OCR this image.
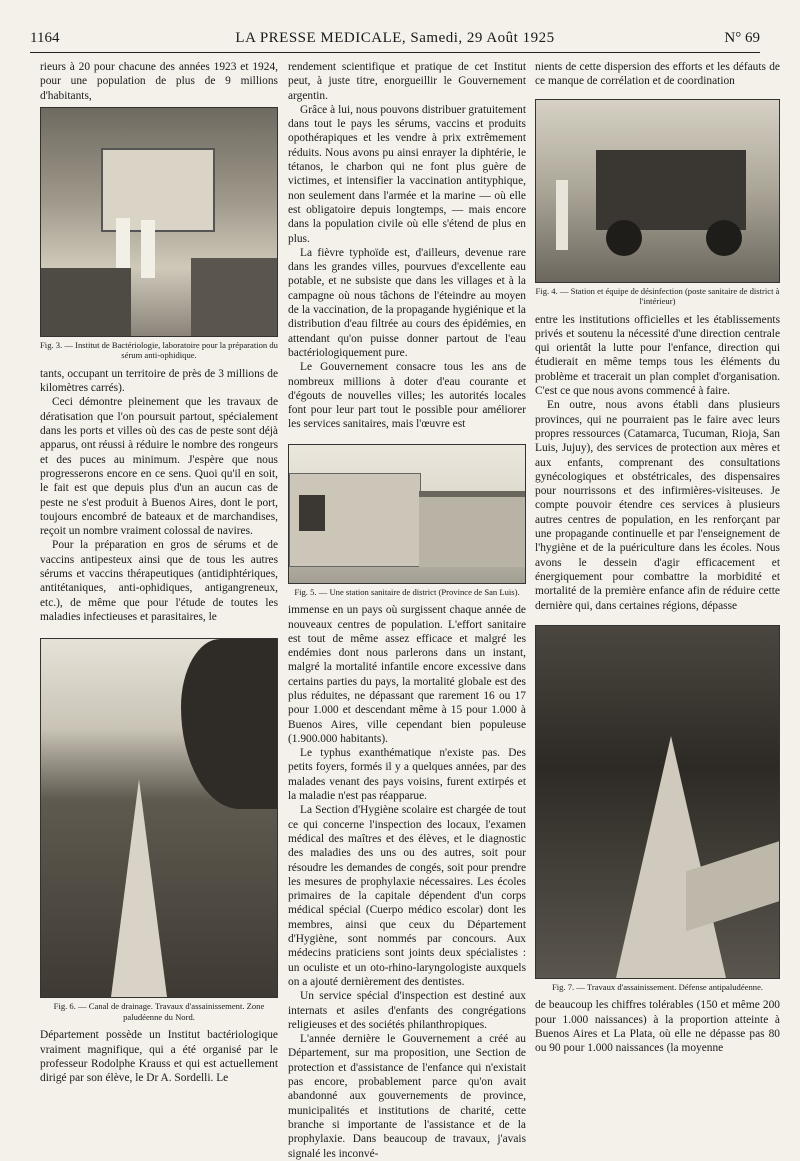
1164	LA PRESSE MEDICALE, Samedi, 29 Août 1925	N° 69

rieurs à 20 pour chacune des années 1923 et 1924, pour une population de plus de 9 millions d'habitants,

Fig. 3. — Institut de Bactériologie, laboratoire pour la préparation du sérum anti-ophidique.

tants, occupant un territoire de près de 3 millions de kilomètres carrés).

Ceci démontre pleinement que les travaux de dératisation que l'on poursuit partout, spécialement dans les ports et villes où des cas de peste sont déjà apparus, ont réussi à réduire le nombre des rongeurs et des puces au minimum. J'espère que nous progresserons encore en ce sens. Quoi qu'il en soit, le fait est que depuis plus d'un an aucun cas de peste ne s'est produit à Buenos Aires, dont le port, toujours encombré de bateaux et de marchandises, reçoit un nombre vraiment colossal de navires.

Pour la préparation en gros de sérums et de vaccins antipesteux ainsi que de tous les autres sérums et vaccins thérapeutiques (antidiphtériques, antitétaniques, anti-ophidiques, antigangreneux, etc.), de même que pour l'étude de toutes les maladies infectieuses et parasitaires, le

Fig. 6. — Canal de drainage. Travaux d'assainissement. Zone paludéenne du Nord.

Département possède un Institut bactériologique vraiment magnifique, qui a été organisé par le professeur Rodolphe Krauss et qui est actuellement dirigé par son élève, le Dr A. Sordelli. Le

rendement scientifique et pratique de cet Institut peut, à juste titre, enorgueillir le Gouvernement argentin.

Grâce à lui, nous pouvons distribuer gratuitement dans tout le pays les sérums, vaccins et produits opothérapiques et les vendre à prix extrêmement réduits. Nous avons pu ainsi enrayer la diphtérie, le tétanos, le charbon qui ne font plus guère de victimes, et intensifier la vaccination antityphique, non seulement dans l'armée et la marine — où elle est obligatoire depuis longtemps, — mais encore dans la population civile où elle s'étend de plus en plus.

La fièvre typhoïde est, d'ailleurs, devenue rare dans les grandes villes, pourvues d'excellente eau potable, et ne subsiste que dans les villages et à la campagne où nous tâchons de l'éteindre au moyen de la vaccination, de la propagande hygiénique et la distribution d'eau filtrée au cours des épidémies, en attendant qu'on puisse donner partout de l'eau bactériologiquement pure.

Le Gouvernement consacre tous les ans de nombreux millions à doter d'eau courante et d'égouts de nouvelles villes; les autorités locales font pour leur part tout le possible pour améliorer les services sanitaires, mais l'œuvre est

Fig. 5. — Une station sanitaire de district (Province de San Luis).

immense en un pays où surgissent chaque année de nouveaux centres de population. L'effort sanitaire est tout de même assez efficace et malgré les endémies dont nous parlerons dans un instant, malgré la mortalité infantile encore excessive dans certains parties du pays, la mortalité globale est des plus réduites, ne dépassant que rarement 16 ou 17 pour 1.000 et descendant même à 15 pour 1.000 à Buenos Aires, ville cependant bien populeuse (1.900.000 habitants).

Le typhus exanthématique n'existe pas. Des petits foyers, formés il y a quelques années, par des malades venant des pays voisins, furent extirpés et la maladie n'est pas réapparue.

La Section d'Hygiène scolaire est chargée de tout ce qui concerne l'inspection des locaux, l'examen médical des maîtres et des élèves, et le diagnostic des maladies des uns ou des autres, soit pour résoudre les demandes de congés, soit pour prendre les mesures de prophylaxie nécessaires. Les écoles primaires de la capitale dépendent d'un corps médical spécial (Cuerpo médico escolar) dont les membres, ainsi que ceux du Département d'Hygiène, sont nommés par concours. Aux médecins praticiens sont joints deux spécialistes : un oculiste et un oto-rhino-laryngologiste auxquels on a ajouté dernièrement des dentistes.

Un service spécial d'inspection est destiné aux internats et asiles d'enfants des congrégations religieuses et des sociétés philanthropiques.

L'année dernière le Gouvernement a créé au Département, sur ma proposition, une Section de protection et d'assistance de l'enfance qui n'existait pas encore, probablement parce qu'on avait abandonné aux gouvernements de province, municipalités et institutions de charité, cette branche si importante de l'assistance et de la prophylaxie. Dans beaucoup de travaux, j'avais signalé les inconvé-

nients de cette dispersion des efforts et les défauts de ce manque de corrélation et de coordination

Fig. 4. — Station et équipe de désinfection (poste sanitaire de district à l'intérieur)

entre les institutions officielles et les établissements privés et soutenu la nécessité d'une direction centrale qui orientât la lutte pour l'enfance, direction qui étudierait en même temps tous les éléments du problème et tracerait un plan complet d'organisation. C'est ce que nous avons commencé à faire.

En outre, nous avons établi dans plusieurs provinces, qui ne pourraient pas le faire avec leurs propres ressources (Catamarca, Tucuman, Rioja, San Luis, Jujuy), des services de protection aux mères et aux enfants, comprenant des consultations gynécologiques et obstétricales, des dispensaires pour nourrissons et des infirmières-visiteuses. Je compte pouvoir étendre ces services à plusieurs autres centres de population, en les renforçant par une propagande continuelle et par l'enseignement de l'hygiène et de la puériculture dans les écoles. Nous avons le dessein d'agir efficacement et énergiquement pour combattre la morbidité et mortalité de la première enfance afin de réduire cette dernière qui, dans certaines régions, dépasse

Fig. 7. — Travaux d'assainissement. Défense antipaludéenne.

de beaucoup les chiffres tolérables (150 et même 200 pour 1.000 naissances) à la proportion atteinte à Buenos Aires et La Plata, où elle ne dépasse pas 80 ou 90 pour 1.000 naissances (la moyenne
